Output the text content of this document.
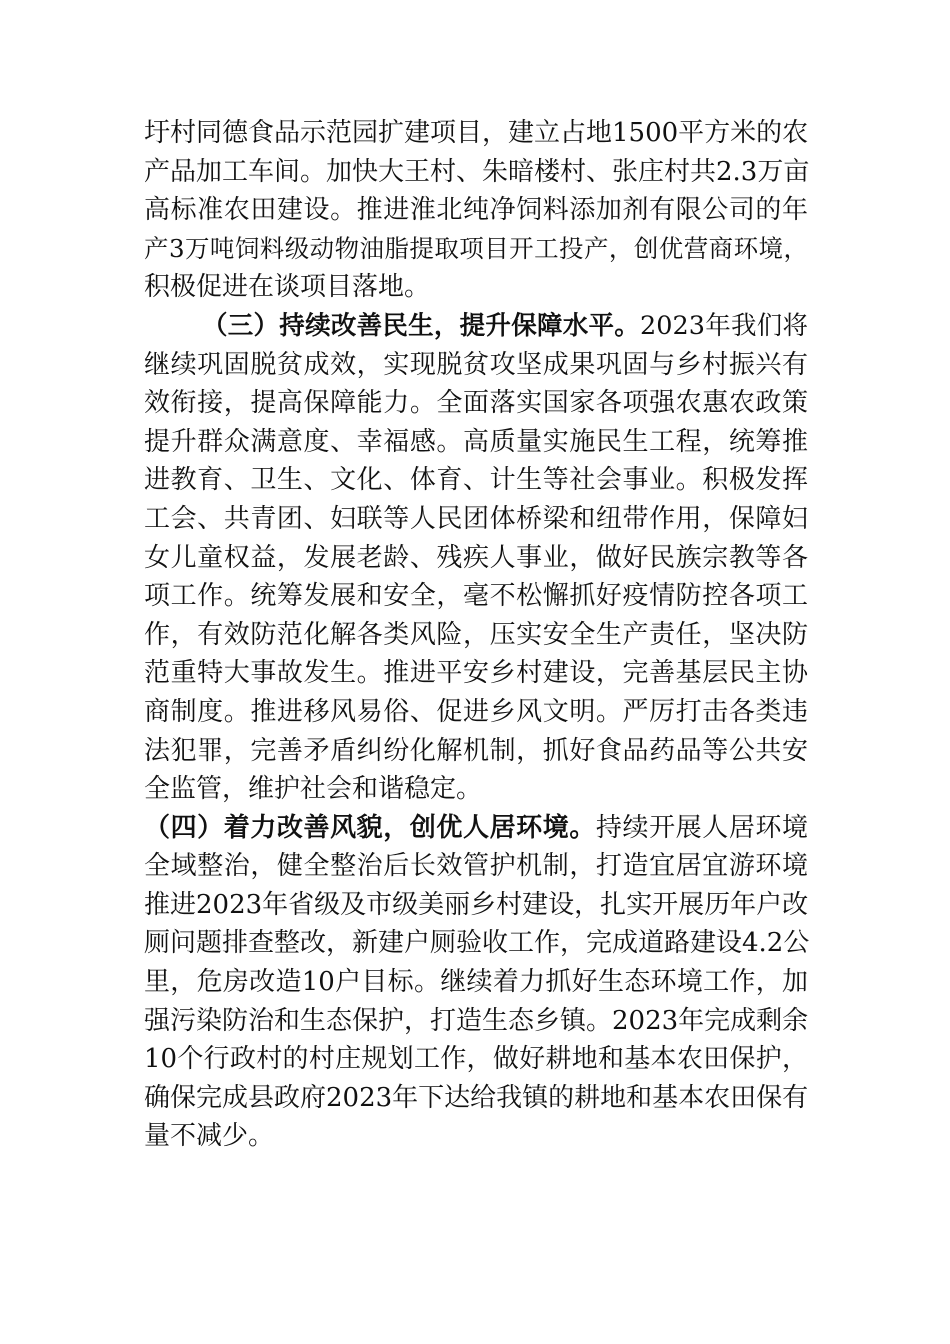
圩村同德食品示范园扩建项目，建立占地1500平方米的农
产品加工车间。加快大王村、朱暗楼村、张庄村共2.3万亩
高标准农田建设。推进淮北纯净饲料添加剂有限公司的年
产3万吨饲料级动物油脂提取项目开工投产，创优营商环境，
积极促进在谈项目落地。
（三）持续改善民生，提升保障水平。2023年我们将
继续巩固脱贫成效，实现脱贫攻坚成果巩固与乡村振兴有
效衔接，提高保障能力。全面落实国家各项强农惠农政策
提升群众满意度、幸福感。高质量实施民生工程，统筹推
进教育、卫生、文化、体育、计生等社会事业。积极发挥
工会、共青团、妇联等人民团体桥梁和纽带作用，保障妇
女儿童权益，发展老龄、残疾人事业，做好民族宗教等各
项工作。统筹发展和安全，毫不松懈抓好疫情防控各项工
作，有效防范化解各类风险，压实安全生产责任，坚决防
范重特大事故发生。推进平安乡村建设，完善基层民主协
商制度。推进移风易俗、促进乡风文明。严厉打击各类违
法犯罪，完善矛盾纠纷化解机制，抓好食品药品等公共安
全监管，维护社会和谐稳定。
（四）着力改善风貌，创优人居环境。持续开展人居环境
全域整治，健全整治后长效管护机制，打造宜居宜游环境
推进2023年省级及市级美丽乡村建设，扎实开展历年户改
厕问题排查整改，新建户厕验收工作，完成道路建设4.2公
里，危房改造10户目标。继续着力抓好生态环境工作，加
强污染防治和生态保护，打造生态乡镇。2023年完成剩余
10个行政村的村庄规划工作，做好耕地和基本农田保护，
确保完成县政府2023年下达给我镇的耕地和基本农田保有
量不减少。
